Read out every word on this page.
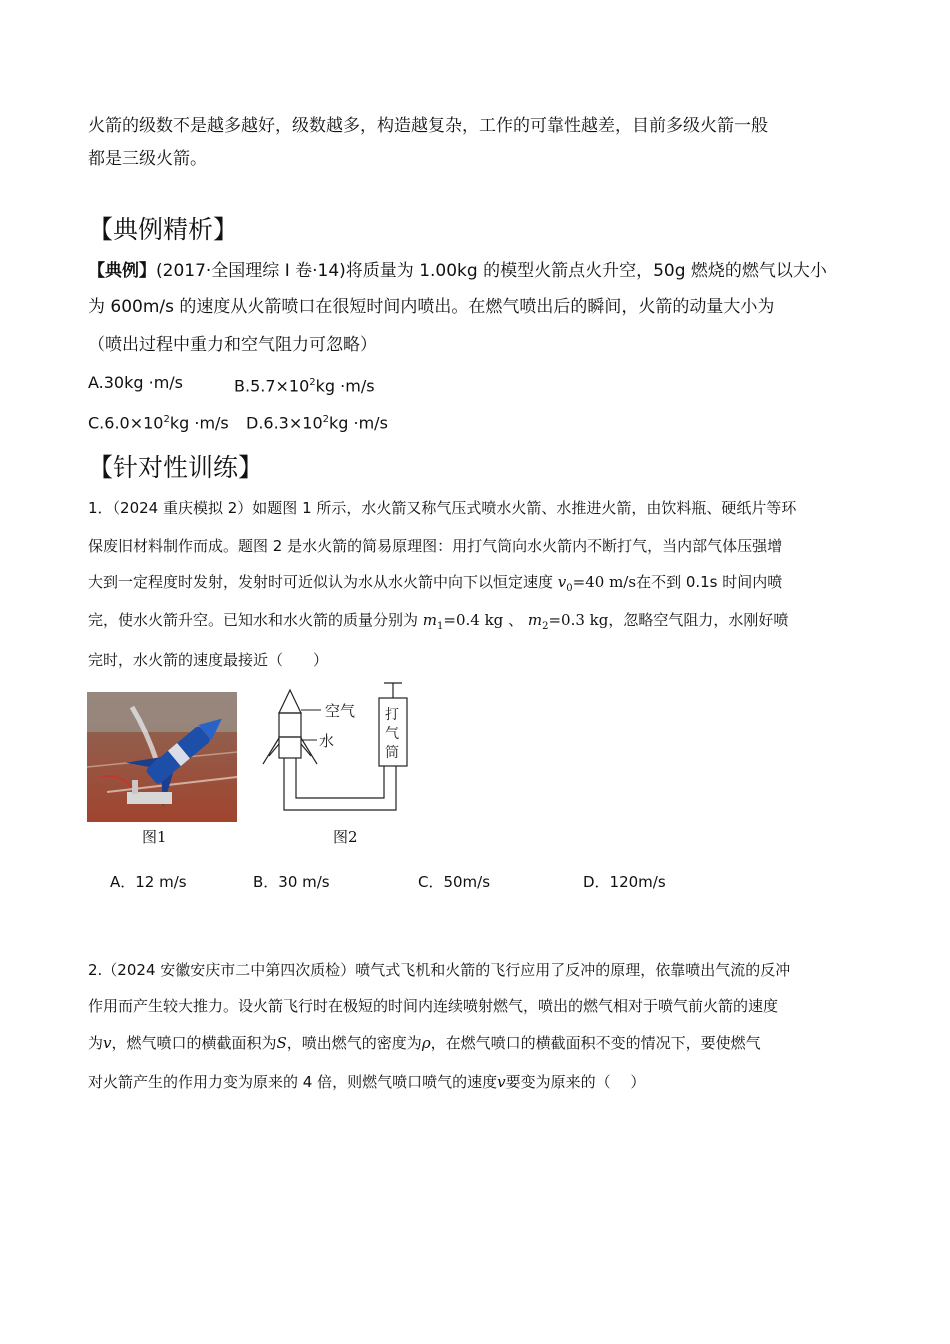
火箭的级数不是越多越好，级数越多，构造越复杂，工作的可靠性越差，目前多级火箭一般
都是三级火箭。
【典例精析】
【典例】(2017·全国理综 I 卷·14)将质量为 1.00kg 的模型火箭点火升空，50g 燃烧的燃气以大小
为 600m/s 的速度从火箭喷口在很短时间内喷出。在燃气喷出后的瞬间，火箭的动量大小为
（喷出过程中重力和空气阻力可忽略）
A.30kg ·m/s	$B.5.7\times 10^2kg \cdot m/s$
$C.6.0\times 10^2kg \cdot m/s$ $D.6.3\times 10^2kg \cdot m/s$
【针对性训练】
1．（2024 重庆模拟 2）如题图 1 所示，水火箭又称气压式喷水火箭、水推进火箭，由饮料瓶、硬纸片等环
保废旧材料制作而成。题图 2 是水火箭的简易原理图：用打气筒向水火箭内不断打气，当内部气体压强增
大到一定程度时发射，发射时可近似认为水从水火箭中向下以恒定速度 $v_0=40$ m/s在不到 0.1s 时间内喷
完，使水火箭升空。已知水和水火箭的质量分别为 $m_1=0.4$ kg 、 $m_2=0.3$ kg，忽略空气阻力，水刚好喷
完时，水火箭的速度最接近（　　）
图1
空气
水
打
气
筒
图2
A．12 m/s	B．30 m/s	C．50m/s	D．120m/s
2.（2024 安徽安庆市二中第四次质检）喷气式飞机和火箭的飞行应用了反冲的原理，依靠喷出气流的反冲
作用而产生较大推力。设火箭飞行时在极短的时间内连续喷射燃气，喷出的燃气相对于喷气前火箭的速度
为v，燃气喷口的横截面积为S，喷出燃气的密度为ρ，在燃气喷口的横截面积不变的情况下，要使燃气
对火箭产生的作用力变为原来的 4 倍，则燃气喷口喷气的速度v要变为原来的（　 ）
